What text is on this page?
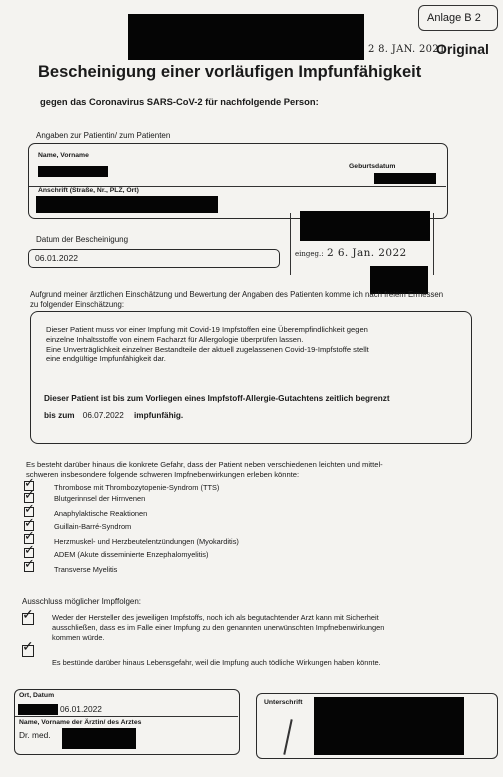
Anlage B 2
2 8. JAN. 2021
Original
Bescheinigung einer vorläufigen Impfunfähigkeit
gegen das Coronavirus SARS-CoV-2 für nachfolgende Person:
Angaben zur Patientin/ zum Patienten
Name, Vorname
Geburtsdatum
Anschrift (Straße, Nr., PLZ, Ort)
Datum der Bescheinigung
06.01.2022	eingeg.: 2 6. Jan. 2022
Aufgrund meiner ärztlichen Einschätzung und Bewertung der Angaben des Patienten komme ich nach freiem Ermessen zu folgender Einschätzung:
Dieser Patient muss vor einer Impfung mit Covid-19 Impfstoffen eine Überempfindlichkeit gegen
einzelne Inhaltsstoffe von einem Facharzt für Allergologie überprüfen lassen.
Eine Unverträglichkeit einzelner Bestandteile der aktuell zugelassenen Covid-19-Impfstoffe stellt
eine endgültige Impfunfähigkeit dar.
Dieser Patient ist bis zum Vorliegen eines Impfstoff-Allergie-Gutachtens zeitlich begrenzt
bis zum 06.07.2022 impfunfähig.
Es besteht darüber hinaus die konkrete Gefahr, dass der Patient neben verschiedenen leichten und mittel-
schweren insbesondere folgende schweren Impfnebenwirkungen erleben könnte:
✓	Thrombose mit Thrombozytopenie-Syndrom (TTS)
✓	Blutgerinnsel der Hirnvenen
✓	Anaphylaktische Reaktionen
✓	Guillain-Barré-Syndrom
✓	Herzmuskel- und Herzbeutelentzündungen (Myokarditis)
✓	ADEM (Akute disseminierte Enzephalomyelitis)
✓	Transverse Myelitis
Ausschluss möglicher Impffolgen:
✓ Weder der Hersteller des jeweiligen Impfstoffs, noch ich als begutachtender Arzt kann mit Sicherheit
ausschließen, dass es im Falle einer Impfung zu den genannten unerwünschten Impfnebenwirkungen
kommen würde.
✓
Es bestünde darüber hinaus Lebensgefahr, weil die Impfung auch tödliche Wirkungen haben könnte.
Ort, Datum
06.01.2022
Name, Vorname der Ärztin/ des Arztes
Dr. med.
Unterschrift
